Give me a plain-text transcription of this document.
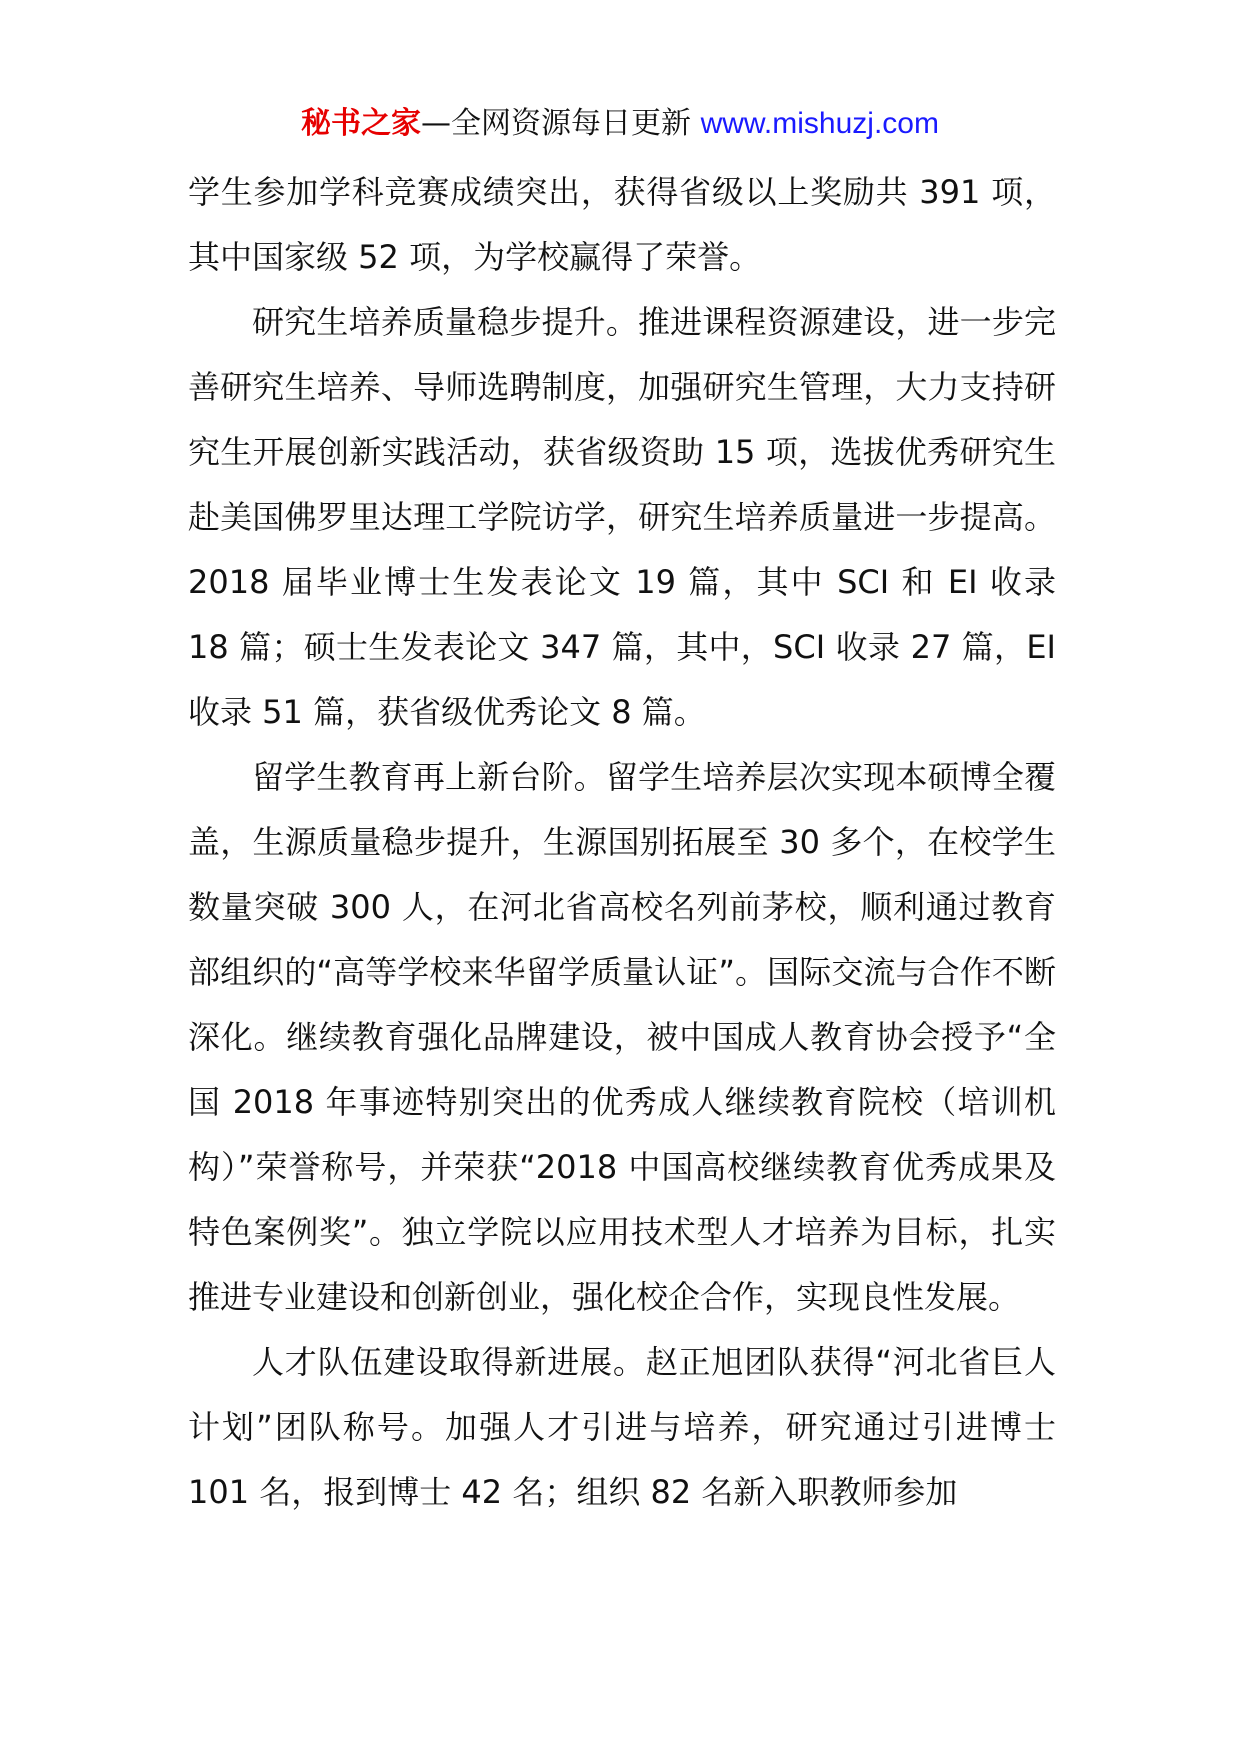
秘书之家—全网资源每日更新 www.mishuzj.com

学生参加学科竞赛成绩突出，获得省级以上奖励共 391 项，其中国家级 52 项，为学校赢得了荣誉。

研究生培养质量稳步提升。推进课程资源建设，进一步完善研究生培养、导师选聘制度，加强研究生管理，大力支持研究生开展创新实践活动，获省级资助 15 项，选拔优秀研究生赴美国佛罗里达理工学院访学，研究生培养质量进一步提高。2018 届毕业博士生发表论文 19 篇，其中 SCI 和 EI 收录 18 篇；硕士生发表论文 347 篇，其中，SCI 收录 27 篇，EI 收录 51 篇，获省级优秀论文 8 篇。

留学生教育再上新台阶。留学生培养层次实现本硕博全覆盖，生源质量稳步提升，生源国别拓展至 30 多个，在校学生数量突破 300 人，在河北省高校名列前茅校，顺利通过教育部组织的“高等学校来华留学质量认证”。国际交流与合作不断深化。继续教育强化品牌建设，被中国成人教育协会授予“全国 2018 年事迹特别突出的优秀成人继续教育院校（培训机构）”荣誉称号，并荣获“2018 中国高校继续教育优秀成果及特色案例奖”。独立学院以应用技术型人才培养为目标，扎实推进专业建设和创新创业，强化校企合作，实现良性发展。

人才队伍建设取得新进展。赵正旭团队获得“河北省巨人计划”团队称号。加强人才引进与培养，研究通过引进博士 101 名，报到博士 42 名；组织 82 名新入职教师参加
